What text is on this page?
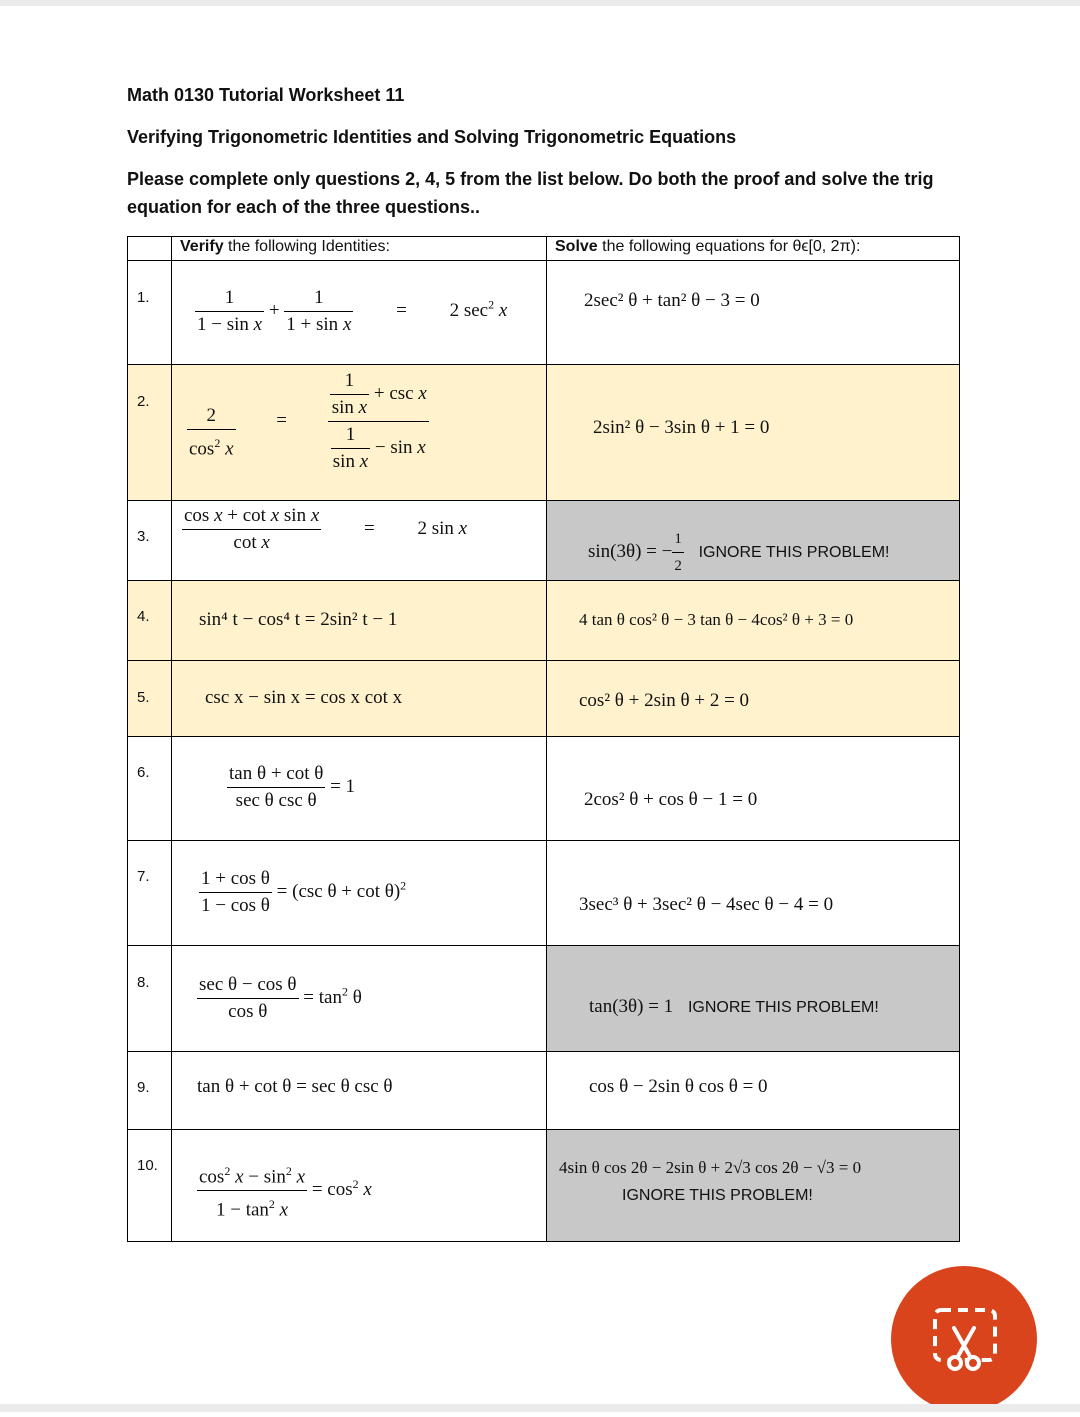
Math 0130 Tutorial Worksheet 11
Verifying Trigonometric Identities and Solving Trigonometric Equations
Please complete only questions 2, 4, 5 from the list below. Do both the proof and solve the trig equation for each of the three questions..
Verify the following Identities:	Solve the following equations for θϵ[0, 2π):
1.
2.
3.
4.
5.
6.
7.
8.
9.
10.
$\frac{1}{\text{1 − sin x}} + \frac{1}{\text{1 + sin x}} = 2$ $\sec^2 x$
$\frac{2}{\cos^2 x} = \frac{\frac{1}{\text{sin x}} + \csc x}{\frac{1}{\text{sin x}} - \sin x}$
$\frac{\text{cos x + cot x sin x}}{\text{cot x}} = 2$ sin x
sin⁴ t − cos⁴ t = 2sin² t − 1
csc x − sin x = cos x cot x
$\frac{\text{tan θ + cot θ}}{\text{sec θ csc θ}} = 1$
$\frac{\text{1 + cos θ}}{\text{1 − cos θ}} = (\csc$ θ + cot θ)$^2$
$\frac{\text{sec θ − cos θ}}{\text{cos θ}} = \tan^2 \theta$
tan θ + cot θ = sec θ csc θ
$\frac{\cos^2 x - \sin^2 x}{1 - \tan^2 x} = \cos^2 x$
2sec² θ + tan² θ − 3 = 0
2sin² θ − 3sin θ + 1 = 0
sin(3θ) = − $\frac{1}{2}$ IGNORE THIS PROBLEM!
4 tan θ cos² θ − 3 tan θ − 4cos² θ + 3 = 0
cos² θ + 2sin θ + 2 = 0
2cos² θ + cos θ − 1 = 0
3sec³ θ + 3sec² θ − 4sec θ − 4 = 0
tan(3θ) = 1 IGNORE THIS PROBLEM!
cos θ − 2sin θ cos θ = 0
4sin θ cos 2θ − 2sin θ + 2√3 cos 2θ − √3 = 0
IGNORE THIS PROBLEM!
